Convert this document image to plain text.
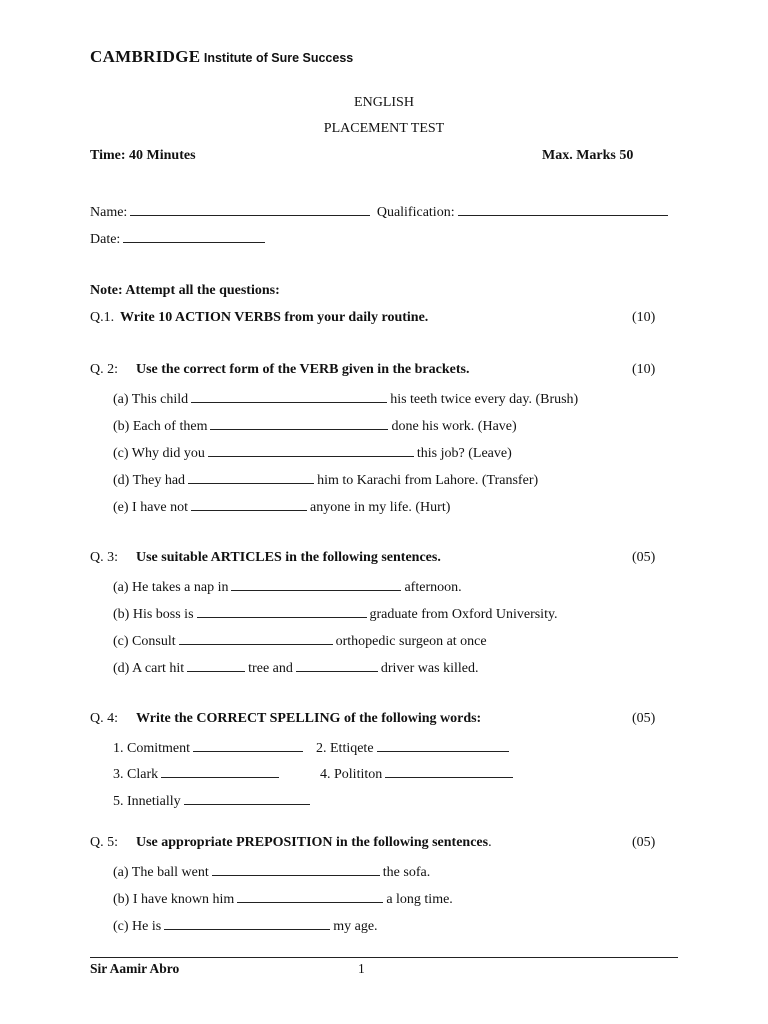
CAMBRIDGE Institute of Sure Success
ENGLISH
PLACEMENT TEST
Time: 40 Minutes	Max. Marks 50
Name:	Qualification:
Date:
Note: Attempt all the questions:
Q.1. Write 10 ACTION VERBS from your daily routine.	(10)
Q. 2: Use the correct form of the VERB given in the brackets.	(10)
(a) This child	his teeth twice every day. (Brush)
(b) Each of them	done his work. (Have)
(c) Why did you	this job? (Leave)
(d) They had	him to Karachi from Lahore. (Transfer)
(e) I have not	anyone in my life. (Hurt)
Q. 3: Use suitable ARTICLES in the following sentences.	(05)
(a) He takes a nap in	afternoon.
(b) His boss is	graduate from Oxford University.
(c) Consult	orthopedic surgeon at once
(d) A cart hit	tree and	driver was killed.
Q. 4: Write the CORRECT SPELLING of the following words:	(05)
1. Comitment	2. Ettiqete
3. Clark	4. Polititon
5. Innetially
Q. 5: Use appropriate PREPOSITION in the following sentences.	(05)
(a) The ball went	the sofa.
(b) I have known him	a long time.
(c) He is	my age.
Sir Aamir Abro	1
